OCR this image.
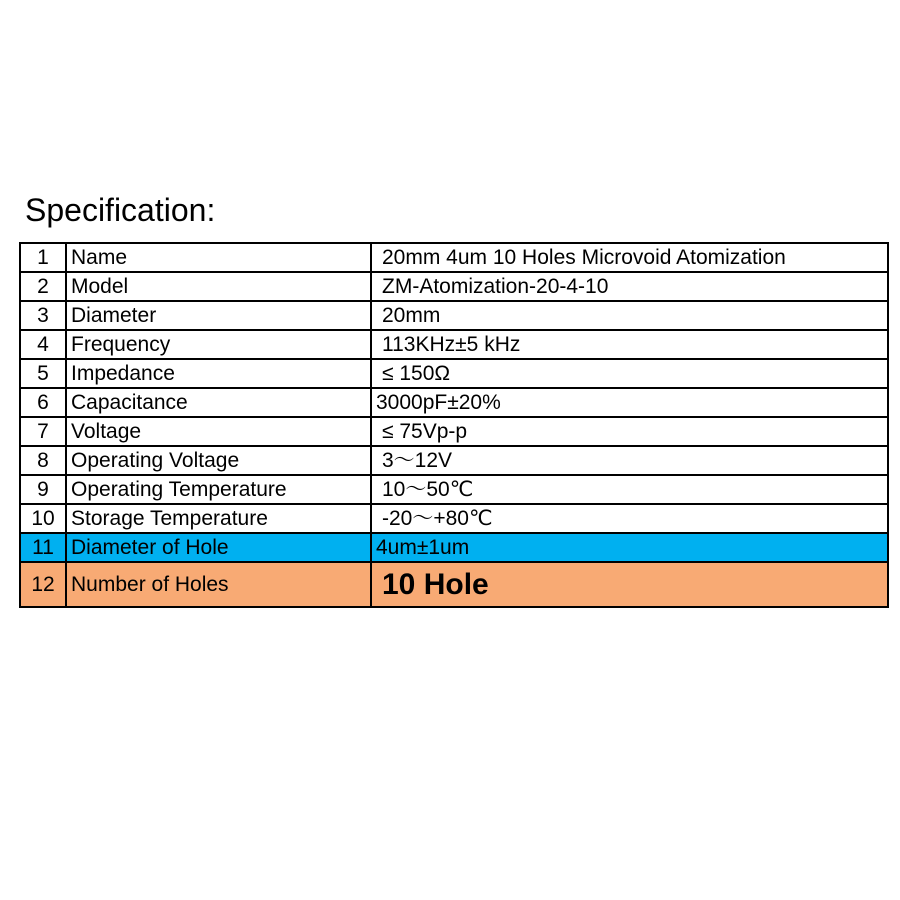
Specification:
1	Name	20mm 4um 10 Holes Microvoid Atomization
2	Model	ZM-Atomization-20-4-10
3	Diameter	20mm
4	Frequency	113KHz±5 kHz
5	Impedance	≤ 150Ω
6	Capacitance	3000pF±20%
7	Voltage	≤ 75Vp-p
8	Operating Voltage	3～12V
9	Operating Temperature	10～50℃
10	Storage Temperature	-20～+80℃
11	Diameter of Hole	4um±1um
12	Number of Holes	10 Hole
